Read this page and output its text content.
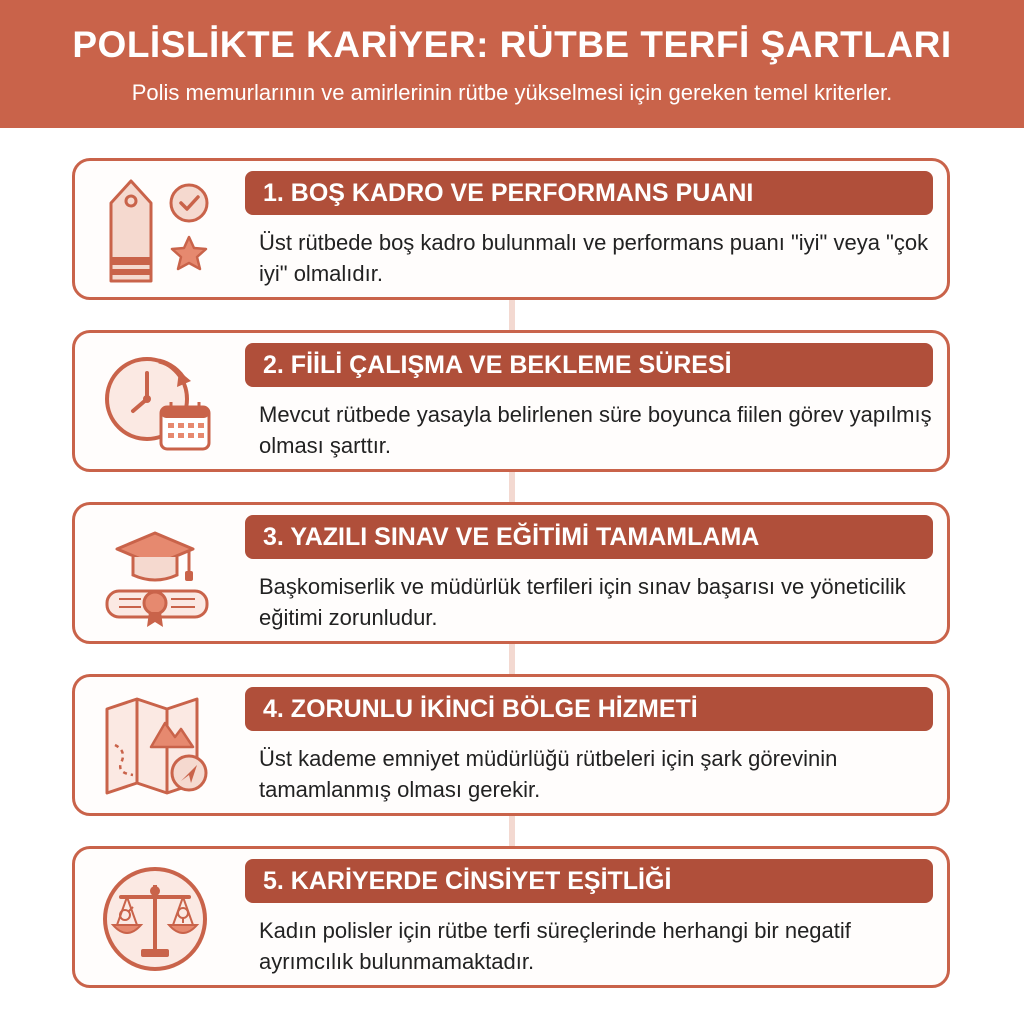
POLİSLİKTE KARİYER: RÜTBE TERFİ ŞARTLARI
Polis memurlarının ve amirlerinin rütbe yükselmesi için gereken temel kriterler.
1. BOŞ KADRO VE PERFORMANS PUANI
Üst rütbede boş kadro bulunmalı ve performans puanı "iyi" veya "çok iyi" olmalıdır.
2. FİİLİ ÇALIŞMA VE BEKLEME SÜRESİ
Mevcut rütbede yasayla belirlenen süre boyunca fiilen görev yapılmış olması şarttır.
3. YAZILI SINAV VE EĞİTİMİ TAMAMLAMA
Başkomiserlik ve müdürlük terfileri için sınav başarısı ve yöneticilik eğitimi zorunludur.
4. ZORUNLU İKİNCİ BÖLGE HİZMETİ
Üst kademe emniyet müdürlüğü rütbeleri için şark görevinin tamamlanmış olması gerekir.
5. KARİYERDE CİNSİYET EŞİTLİĞİ
Kadın polisler için rütbe terfi süreçlerinde herhangi bir negatif ayrımcılık bulunmamaktadır.
